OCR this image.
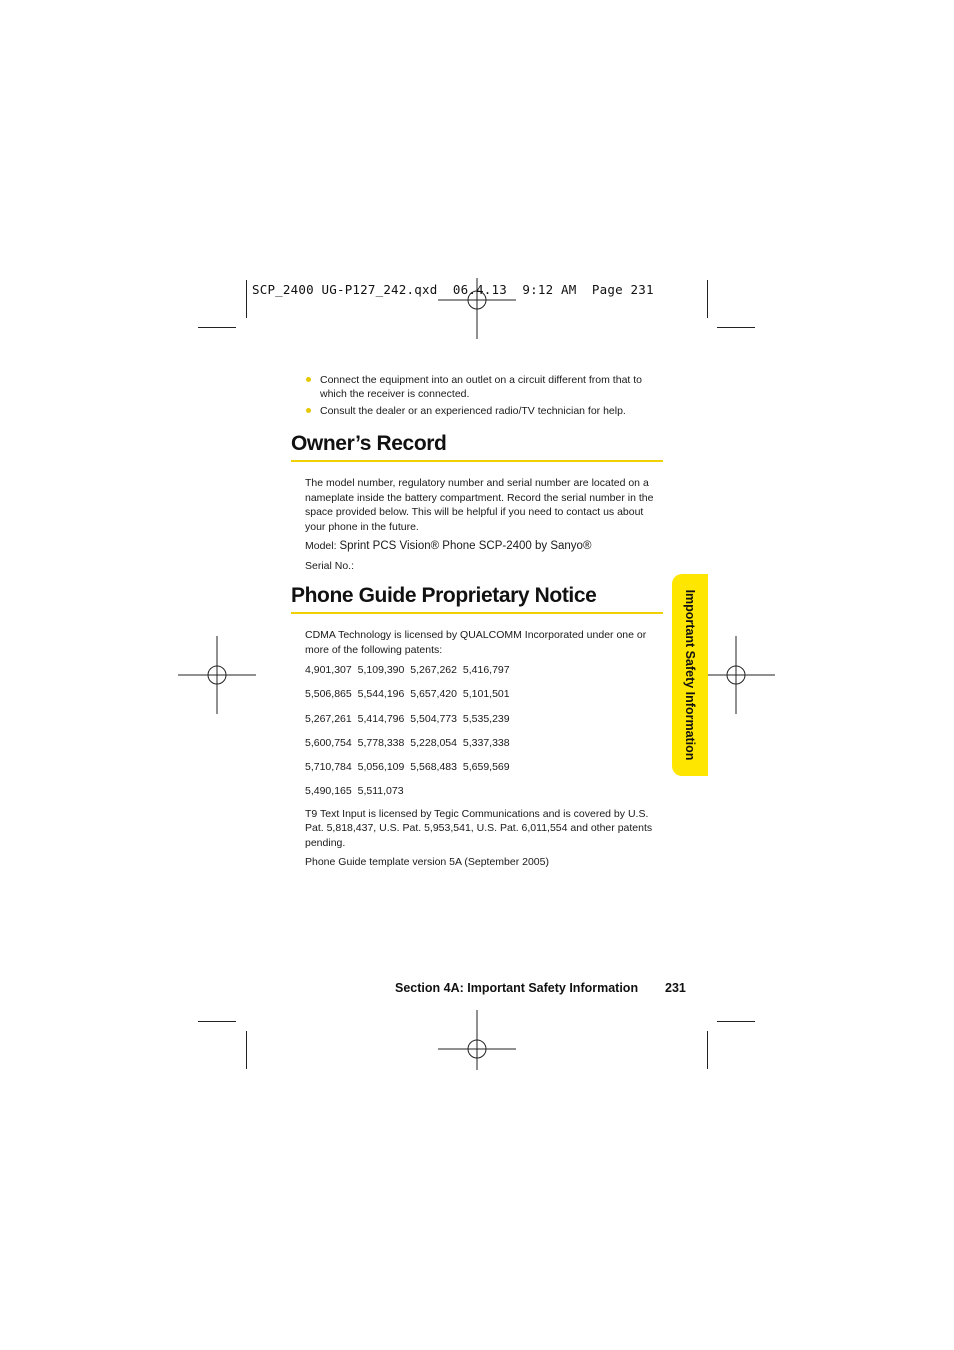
SCP_2400 UG-P127_242.qxd  06.4.13  9:12 AM  Page 231
Connect the equipment into an outlet on a circuit different from that to which the receiver is connected.
Consult the dealer or an experienced radio/TV technician for help.
Owner’s Record

The model number, regulatory number and serial number are located on a nameplate inside the battery compartment. Record the serial number in the space provided below. This will be helpful if you need to contact us about your phone in the future.

Model: Sprint PCS Vision® Phone SCP-2400 by Sanyo®

Serial No.:

Phone Guide Proprietary Notice

CDMA Technology is licensed by QUALCOMM Incorporated under one or more of the following patents:

4,901,307 5,109,390 5,267,262 5,416,797

5,506,865 5,544,196 5,657,420 5,101,501

5,267,261 5,414,796 5,504,773 5,535,239

5,600,754 5,778,338 5,228,054 5,337,338

5,710,784 5,056,109 5,568,483 5,659,569

5,490,165 5,511,073

T9 Text Input is licensed by Tegic Communications and is covered by U.S. Pat. 5,818,437, U.S. Pat. 5,953,541, U.S. Pat. 6,011,554 and other patents pending.

Phone Guide template version 5A (September 2005)

Important Safety Information
Section 4A: Important Safety Information 231
